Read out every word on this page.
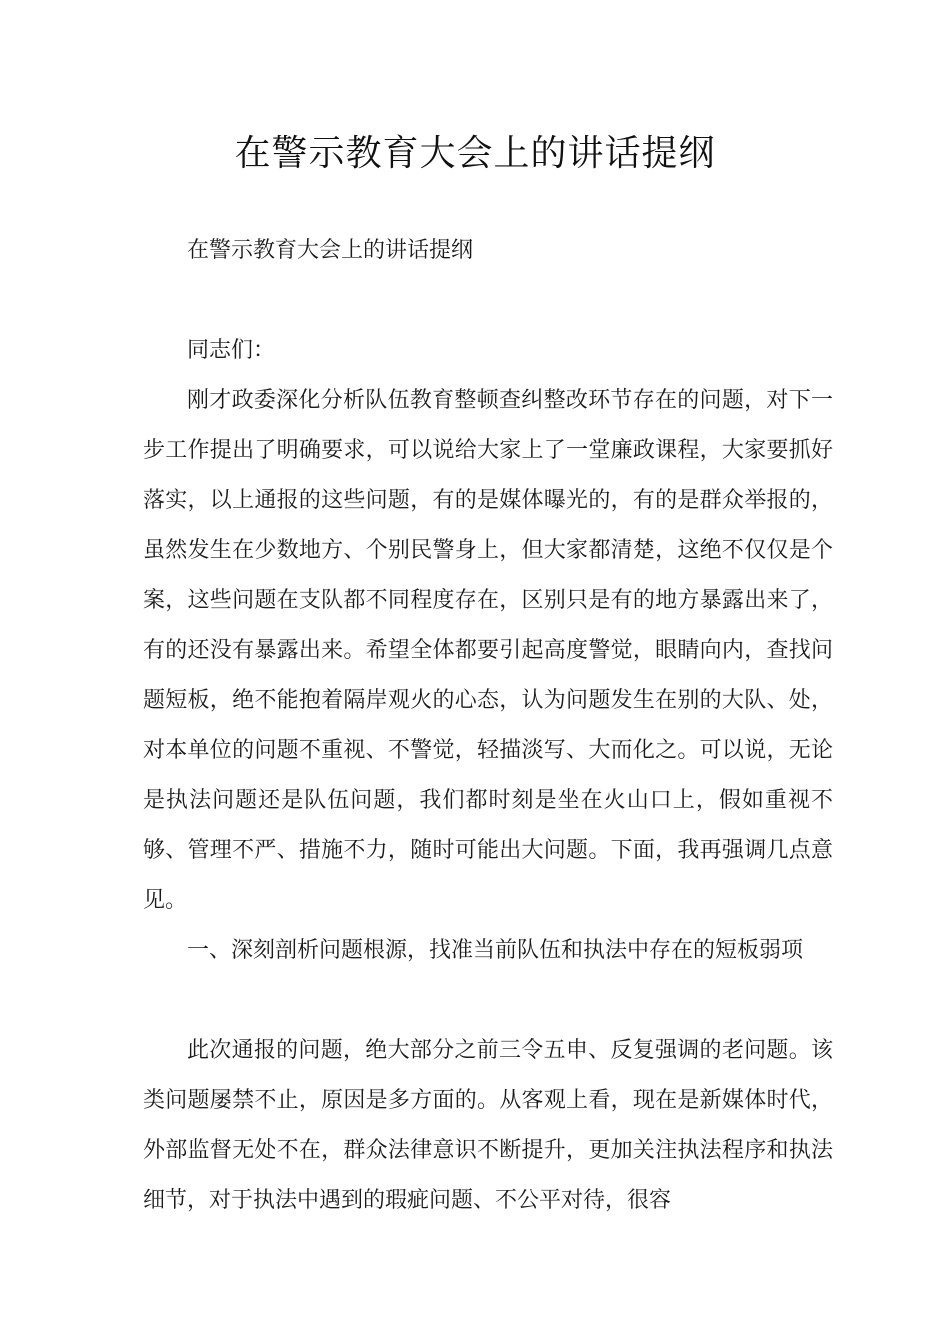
在警示教育大会上的讲话提纲
在警示教育大会上的讲话提纲
同志们：
刚才政委深化分析队伍教育整顿查纠整改环节存在的问题，对下一步工作提出了明确要求，可以说给大家上了一堂廉政课程，大家要抓好落实，以上通报的这些问题，有的是媒体曝光的，有的是群众举报的，虽然发生在少数地方、个别民警身上，但大家都清楚，这绝不仅仅是个案，这些问题在支队都不同程度存在，区别只是有的地方暴露出来了，有的还没有暴露出来。希望全体都要引起高度警觉，眼睛向内，查找问题短板，绝不能抱着隔岸观火的心态，认为问题发生在别的大队、处，对本单位的问题不重视、不警觉，轻描淡写、大而化之。可以说，无论是执法问题还是队伍问题，我们都时刻是坐在火山口上，假如重视不够、管理不严、措施不力，随时可能出大问题。下面，我再强调几点意见。
一、深刻剖析问题根源，找准当前队伍和执法中存在的短板弱项
此次通报的问题，绝大部分之前三令五申、反复强调的老问题。该类问题屡禁不止，原因是多方面的。从客观上看，现在是新媒体时代，外部监督无处不在，群众法律意识不断提升，更加关注执法程序和执法细节，对于执法中遇到的瑕疵问题、不公平对待，很容
